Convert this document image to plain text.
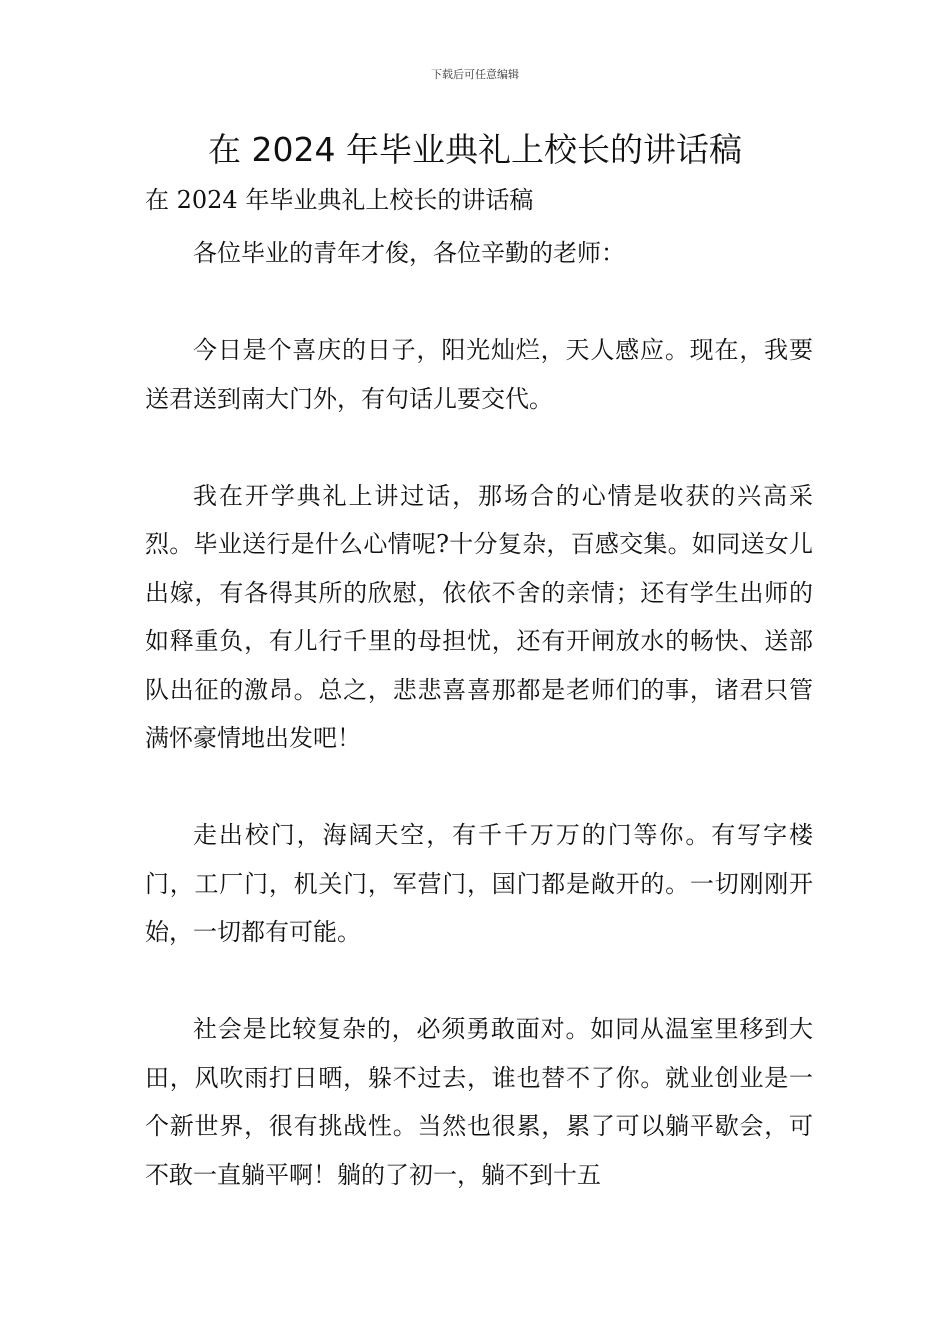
下载后可任意编辑
在 2024 年毕业典礼上校长的讲话稿
在 2024 年毕业典礼上校长的讲话稿

各位毕业的青年才俊，各位辛勤的老师：

今日是个喜庆的日子，阳光灿烂，天人感应。现在，我要送君送到南大门外，有句话儿要交代。

我在开学典礼上讲过话，那场合的心情是收获的兴高采烈。毕业送行是什么心情呢?十分复杂，百感交集。如同送女儿出嫁，有各得其所的欣慰，依依不舍的亲情；还有学生出师的如释重负，有儿行千里的母担忧，还有开闸放水的畅快、送部队出征的激昂。总之，悲悲喜喜那都是老师们的事，诸君只管满怀豪情地出发吧！

走出校门，海阔天空，有千千万万的门等你。有写字楼门，工厂门，机关门，军营门，国门都是敞开的。一切刚刚开始，一切都有可能。

社会是比较复杂的，必须勇敢面对。如同从温室里移到大田，风吹雨打日晒，躲不过去，谁也替不了你。就业创业是一个新世界，很有挑战性。当然也很累，累了可以躺平歇会，可不敢一直躺平啊！躺的了初一，躺不到十五
